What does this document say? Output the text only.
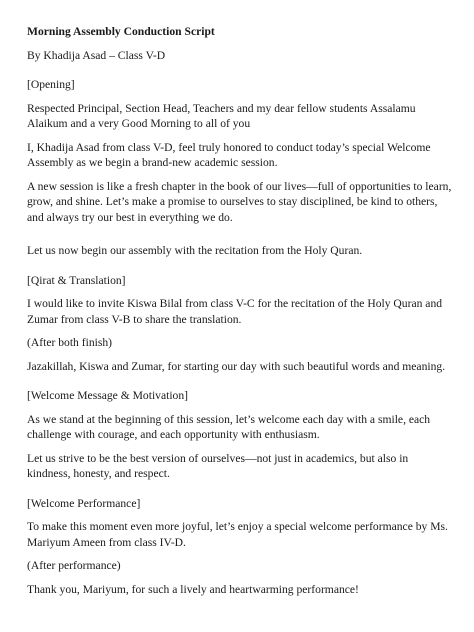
Morning Assembly Conduction Script
By Khadija Asad – Class V-D
[Opening]
Respected Principal, Section Head, Teachers and my dear fellow students Assalamu Alaikum and a very Good Morning to all of you
I, Khadija Asad from class V-D, feel truly honored to conduct today’s special Welcome Assembly as we begin a brand-new academic session.
A new session is like a fresh chapter in the book of our lives—full of opportunities to learn, grow, and shine. Let’s make a promise to ourselves to stay disciplined, be kind to others, and always try our best in everything we do.
Let us now begin our assembly with the recitation from the Holy Quran.
[Qirat & Translation]
I would like to invite Kiswa Bilal from class V-C for the recitation of the Holy Quran and Zumar from class V-B to share the translation.
(After both finish)
Jazakillah, Kiswa and Zumar, for starting our day with such beautiful words and meaning.
[Welcome Message & Motivation]
As we stand at the beginning of this session, let’s welcome each day with a smile, each challenge with courage, and each opportunity with enthusiasm.
Let us strive to be the best version of ourselves—not just in academics, but also in kindness, honesty, and respect.
[Welcome Performance]
To make this moment even more joyful, let’s enjoy a special welcome performance by Ms. Mariyum Ameen from class IV-D.
(After performance)
Thank you, Mariyum, for such a lively and heartwarming performance!
